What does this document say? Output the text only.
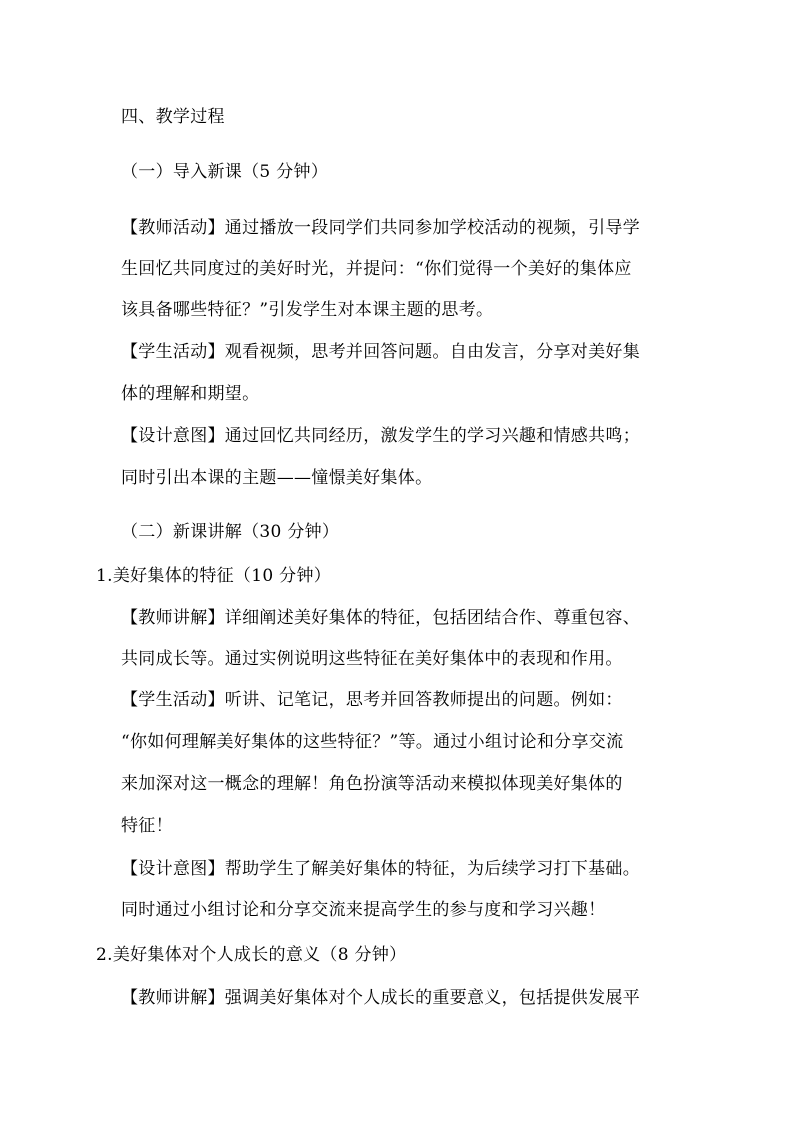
四、教学过程
（一）导入新课（5 分钟）
【教师活动】通过播放一段同学们共同参加学校活动的视频，引导学
生回忆共同度过的美好时光，并提问：“你们觉得一个美好的集体应
该具备哪些特征？”引发学生对本课主题的思考。
【学生活动】观看视频，思考并回答问题。自由发言，分享对美好集
体的理解和期望。
【设计意图】通过回忆共同经历，激发学生的学习兴趣和情感共鸣；
同时引出本课的主题——憧憬美好集体。
（二）新课讲解（30 分钟）
1.美好集体的特征（10 分钟）
【教师讲解】详细阐述美好集体的特征，包括团结合作、尊重包容、
共同成长等。通过实例说明这些特征在美好集体中的表现和作用。
【学生活动】听讲、记笔记，思考并回答教师提出的问题。例如：
“你如何理解美好集体的这些特征？”等。通过小组讨论和分享交流
来加深对这一概念的理解！角色扮演等活动来模拟体现美好集体的
特征！
【设计意图】帮助学生了解美好集体的特征，为后续学习打下基础。
同时通过小组讨论和分享交流来提高学生的参与度和学习兴趣！
2.美好集体对个人成长的意义（8 分钟）
【教师讲解】强调美好集体对个人成长的重要意义，包括提供发展平
